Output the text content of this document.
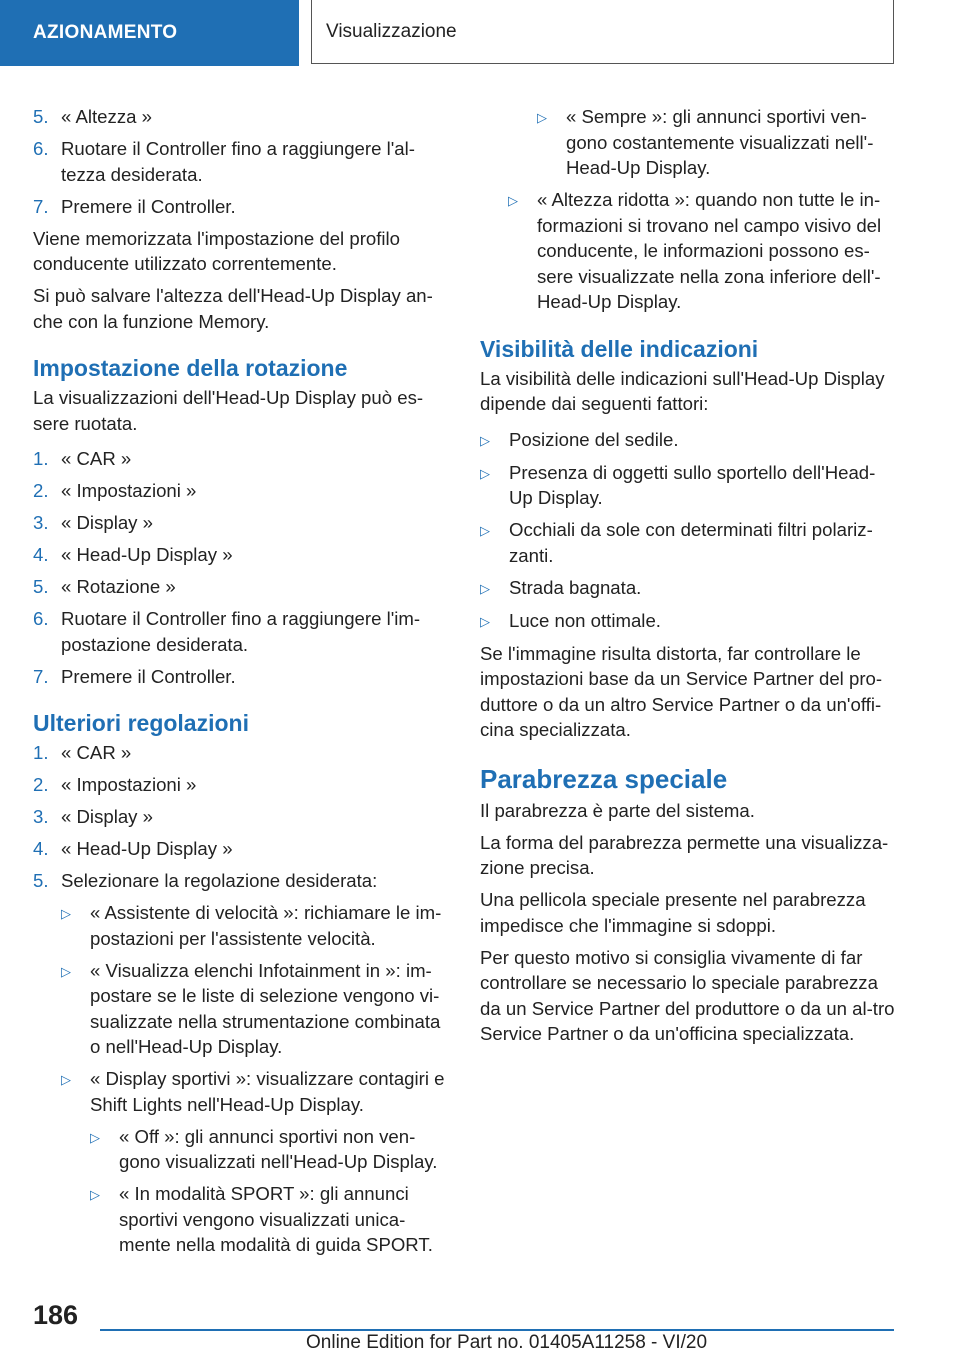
AZIONAMENTO	Visualizzazione
5. « Altezza »
6. Ruotare il Controller fino a raggiungere l'al-tezza desiderata.
7. Premere il Controller.
Viene memorizzata l'impostazione del profilo conducente utilizzato correntemente.
Si può salvare l'altezza dell'Head-Up Display an-che con la funzione Memory.
Impostazione della rotazione
La visualizzazioni dell'Head-Up Display può es-sere ruotata.
1. « CAR »
2. « Impostazioni »
3. « Display »
4. « Head-Up Display »
5. « Rotazione »
6. Ruotare il Controller fino a raggiungere l'im-postazione desiderata.
7. Premere il Controller.
Ulteriori regolazioni
1. « CAR »
2. « Impostazioni »
3. « Display »
4. « Head-Up Display »
5. Selezionare la regolazione desiderata:
▷	« Assistente di velocità »: richiamare le im-postazioni per l'assistente velocità.
▷	« Visualizza elenchi Infotainment in »: im-postare se le liste di selezione vengono vi-sualizzate nella strumentazione combinata o nell'Head-Up Display.
▷	« Display sportivi »: visualizzare contagiri e Shift Lights nell'Head-Up Display.
▷	« Off »: gli annunci sportivi non ven-gono visualizzati nell'Head-Up Display.
▷	« In modalità SPORT »: gli annunci sportivi vengono visualizzati unica-mente nella modalità di guida SPORT.
▷	« Sempre »: gli annunci sportivi ven-gono costantemente visualizzati nell'-Head-Up Display.
▷	« Altezza ridotta »: quando non tutte le in-formazioni si trovano nel campo visivo del conducente, le informazioni possono es-sere visualizzate nella zona inferiore dell'-Head-Up Display.
Visibilità delle indicazioni
La visibilità delle indicazioni sull'Head-Up Display dipende dai seguenti fattori:
▷	Posizione del sedile.
▷	Presenza di oggetti sullo sportello dell'Head-Up Display.
▷	Occhiali da sole con determinati filtri polariz-zanti.
▷	Strada bagnata.
▷	Luce non ottimale.
Se l'immagine risulta distorta, far controllare le impostazioni base da un Service Partner del pro-duttore o da un altro Service Partner o da un'offi-cina specializzata.
Parabrezza speciale
Il parabrezza è parte del sistema.
La forma del parabrezza permette una visualizza-zione precisa.
Una pellicola speciale presente nel parabrezza impedisce che l'immagine si sdoppi.
Per questo motivo si consiglia vivamente di far controllare se necessario lo speciale parabrezza da un Service Partner del produttore o da un al-tro Service Partner o da un'officina specializzata.
186
Online Edition for Part no. 01405A11258 - VI/20
